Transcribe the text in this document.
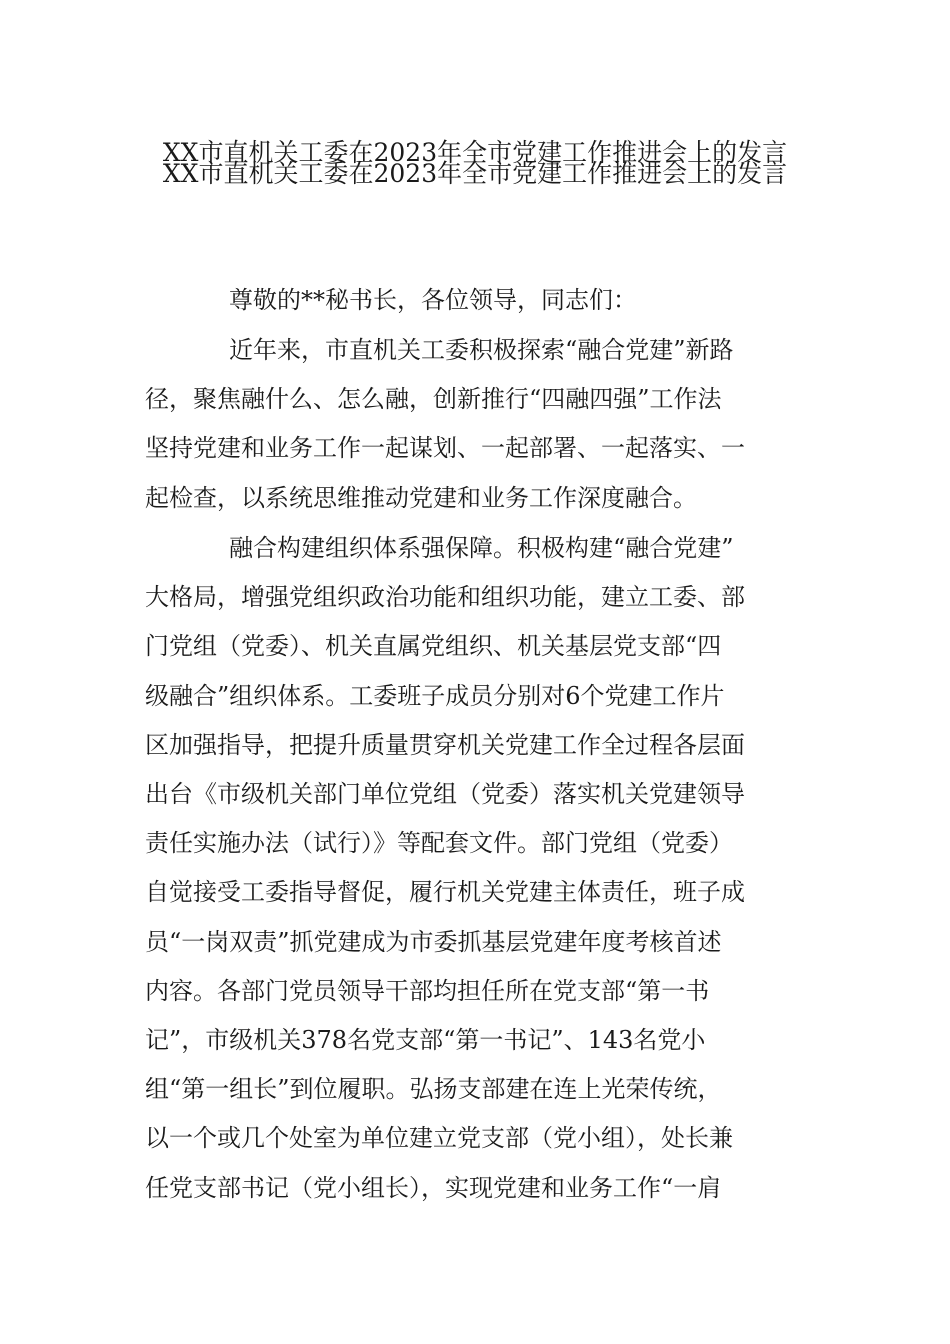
XX市直机关工委在2023年全市党建工作推进会上的发言
XX市直机关工委在2023年全市党建工作推进会上的发言
尊敬的**秘书长，各位领导，同志们：
近年来，市直机关工委积极探索“融合党建”新路
径，聚焦融什么、怎么融，创新推行“四融四强”工作法
坚持党建和业务工作一起谋划、一起部署、一起落实、一
起检查，以系统思维推动党建和业务工作深度融合。
融合构建组织体系强保障。积极构建“融合党建”
大格局，增强党组织政治功能和组织功能，建立工委、部
门党组（党委）、机关直属党组织、机关基层党支部“四
级融合”组织体系。工委班子成员分别对6个党建工作片
区加强指导，把提升质量贯穿机关党建工作全过程各层面
出台《市级机关部门单位党组（党委）落实机关党建领导
责任实施办法（试行）》等配套文件。部门党组（党委）
自觉接受工委指导督促，履行机关党建主体责任，班子成
员“一岗双责”抓党建成为市委抓基层党建年度考核首述
内容。各部门党员领导干部均担任所在党支部“第一书
记”，市级机关378名党支部“第一书记”、143名党小
组“第一组长”到位履职。弘扬支部建在连上光荣传统，
以一个或几个处室为单位建立党支部（党小组），处长兼
任党支部书记（党小组长），实现党建和业务工作“一肩
